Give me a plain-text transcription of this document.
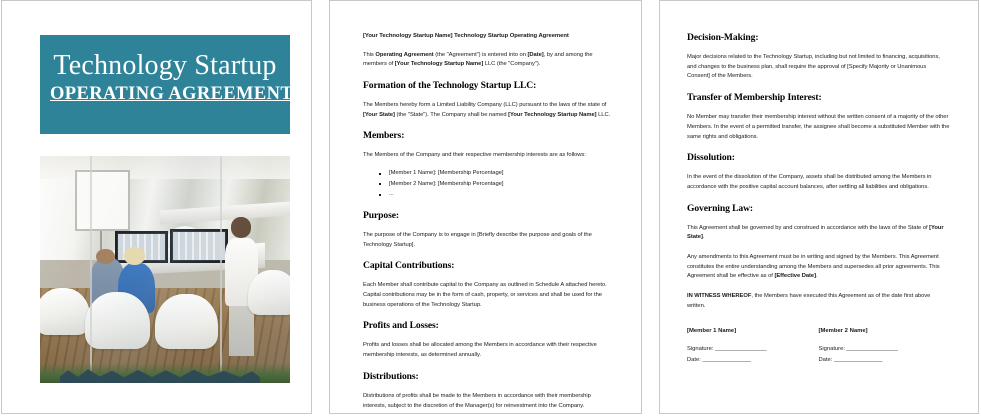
Technology Startup
OPERATING AGREEMENT

[Your Technology Startup Name] Technology Startup Operating Agreement

This Operating Agreement (the "Agreement") is entered into on [Date], by and among the members of [Your Technology Startup Name] LLC (the "Company").

Formation of the Technology Startup LLC:

The Members hereby form a Limited Liability Company (LLC) pursuant to the laws of the state of [Your State] (the "State"). The Company shall be named [Your Technology Startup Name] LLC.

Members:

The Members of the Company and their respective membership interests are as follows:

[Member 1 Name]: [Membership Percentage]
[Member 2 Name]: [Membership Percentage]
...
Purpose:

The purpose of the Company is to engage in [Briefly describe the purpose and goals of the Technology Startup].

Capital Contributions:

Each Member shall contribute capital to the Company as outlined in Schedule A attached hereto. Capital contributions may be in the form of cash, property, or services and shall be used for the business operations of the Technology Startup.

Profits and Losses:

Profits and losses shall be allocated among the Members in accordance with their respective membership interests, as determined annually.

Distributions:

Distributions of profits shall be made to the Members in accordance with their membership interests, subject to the discretion of the Manager(s) for reinvestment into the Company.

Decision-Making:

Major decisions related to the Technology Startup, including but not limited to financing, acquisitions, and changes to the business plan, shall require the approval of [Specify Majority or Unanimous Consent] of the Members.

Transfer of Membership Interest:

No Member may transfer their membership interest without the written consent of a majority of the other Members. In the event of a permitted transfer, the assignee shall become a substituted Member with the same rights and obligations.

Dissolution:

In the event of the dissolution of the Company, assets shall be distributed among the Members in accordance with the positive capital account balances, after settling all liabilities and obligations.

Governing Law:

This Agreement shall be governed by and construed in accordance with the laws of the State of [Your State].

Any amendments to this Agreement must be in writing and signed by the Members. This Agreement constitutes the entire understanding among the Members and supersedes all prior agreements. This Agreement shall be effective as of [Effective Date].

IN WITNESS WHEREOF, the Members have executed this Agreement as of the date first above written.

[Member 1 Name]

Signature: ________________

Date: _______________

[Member 2 Name]

Signature: ________________

Date: _______________
